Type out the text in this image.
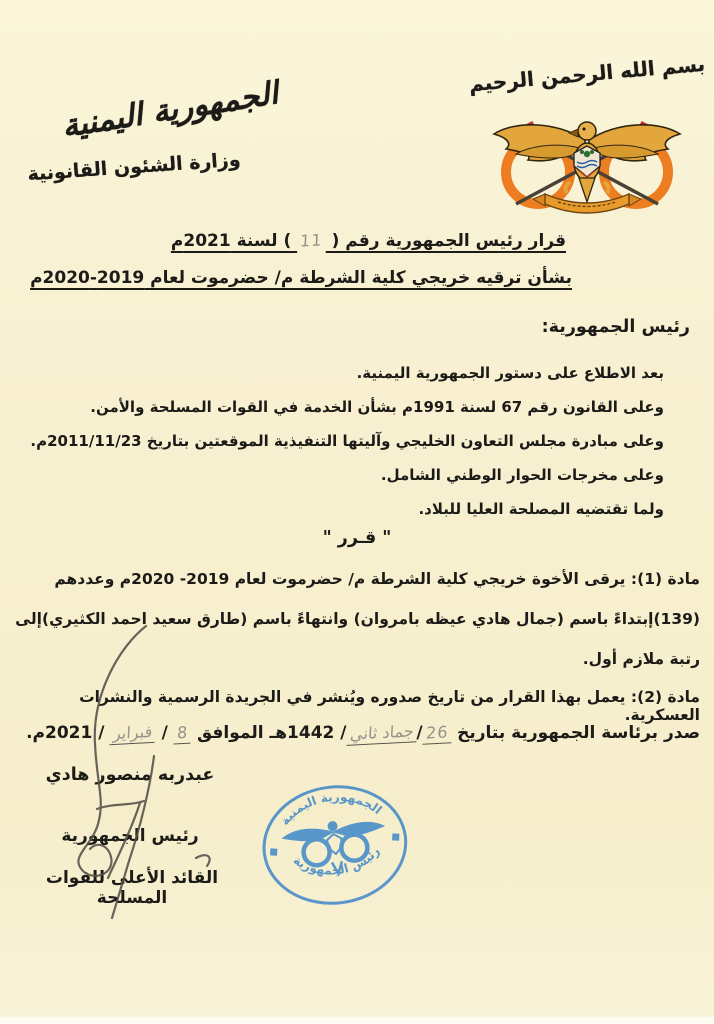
بسم الله الرحمن الرحيم
الجمهورية اليمنية
وزارة الشئون القانونية
قرار رئيس الجمهورية رقم ( 11 ) لسنة 2021م
بشأن ترقيه خريجي كلية الشرطة م/ حضرموت لعام 2019-2020م
رئيس الجمهورية:
بعد الاطلاع على دستور الجمهورية اليمنية.
وعلى القانون رقم 67 لسنة 1991م بشأن الخدمة في القوات المسلحة والأمن.
وعلى مبادرة مجلس التعاون الخليجي وآليتها التنفيذية الموقعتين بتاريخ 2011/11/23م.
وعلى مخرجات الحوار الوطني الشامل.
ولما تقتضيه المصلحة العليا للبلاد.
" قـرر "
مادة (1): يرقى الأخوة خريجي كلية الشرطة م/ حضرموت لعام 2019- 2020م وعددهم
(139)إبتداءً باسم (جمال هادي عيظه بامروان) وانتهاءً باسم (طارق سعيد احمد الكثيري)إلى
رتبة ملازم أول.
مادة (2): يعمل بهذا القرار من تاريخ صدوره ويُنشر في الجريدة الرسمية والنشرات العسكرية.
صدر برئاسة الجمهورية بتاريخ 26/جماد ثاني/ 1442هـ الموافق 8 / فبراير / 2021م.
عبدربه منصور هادي
رئيس الجمهورية
القائد الأعلى للقوات المسلحة
الجمهورية اليمنية
رئيس الجمهورية
